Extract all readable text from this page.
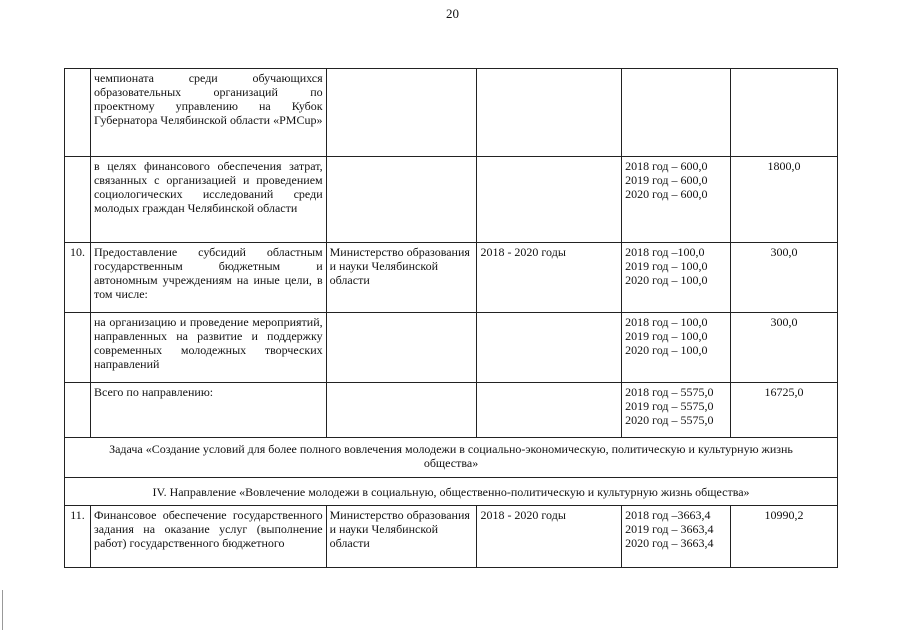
20
	чемпионата среди обучающихся образовательных организаций по проектному управлению на Кубок Губернатора Челябинской области «PMCup»				
	в целях финансового обеспечения затрат, связанных с организацией и проведением социологических исследований среди молодых граждан Челябинской области			2018 год – 600,0
2019 год – 600,0
2020 год – 600,0	1800,0
10.	Предоставление субсидий областным государственным бюджетным и автономным учреждениям на иные цели, в том числе:	Министерство образования и науки Челябинской области	2018 - 2020 годы	2018 год –100,0
2019 год – 100,0
2020 год – 100,0	300,0
	на организацию и проведение мероприятий, направленных на развитие и поддержку современных молодежных творческих направлений			2018 год – 100,0
2019 год – 100,0
2020 год – 100,0	300,0
	Всего по направлению:			2018 год – 5575,0
2019 год – 5575,0
2020 год – 5575,0	16725,0
Задача «Создание условий для более полного вовлечения молодежи в социально-экономическую, политическую и культурную жизнь общества»					
IV. Направление «Вовлечение молодежи в социальную, общественно-политическую и культурную жизнь общества»					
11.	Финансовое обеспечение государственного задания на оказание услуг (выполнение работ) государственного бюджетного	Министерство образования и науки Челябинской области	2018 - 2020 годы	2018 год –3663,4
2019 год – 3663,4
2020 год – 3663,4	10990,2
